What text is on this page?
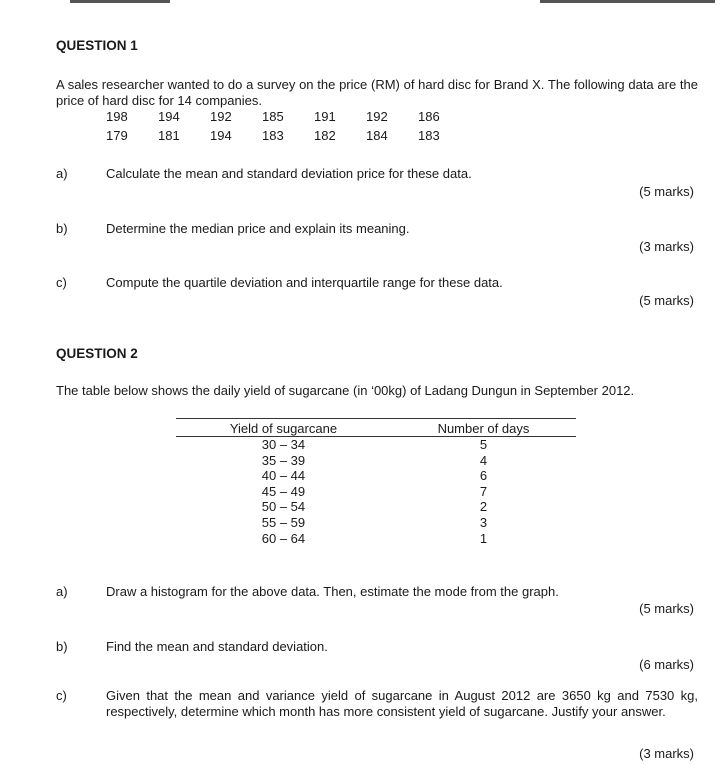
QUESTION 1
A sales researcher wanted to do a survey on the price (RM) of hard disc for Brand X. The following data are the price of hard disc for 14 companies.
198 194 192 185 191 192 186
179 181 194 183 182 184 183
a)	Calculate the mean and standard deviation price for these data.
(5 marks)
b)	Determine the median price and explain its meaning.
(3 marks)
c)	Compute the quartile deviation and interquartile range for these data.
(5 marks)
QUESTION 2
The table below shows the daily yield of sugarcane (in ‘00kg) of Ladang Dungun in September 2012.

Yield of sugarcane	Number of days
30 – 34	5
35 – 39	4
40 – 44	6
45 – 49	7
50 – 54	2
55 – 59	3
60 – 64	1
a)	Draw a histogram for the above data. Then, estimate the mode from the graph.
(5 marks)
b)	Find the mean and standard deviation.
(6 marks)
c)	Given that the mean and variance yield of sugarcane in August 2012 are 3650 kg and 7530 kg, respectively, determine which month has more consistent yield of sugarcane. Justify your answer.
(3 marks)
